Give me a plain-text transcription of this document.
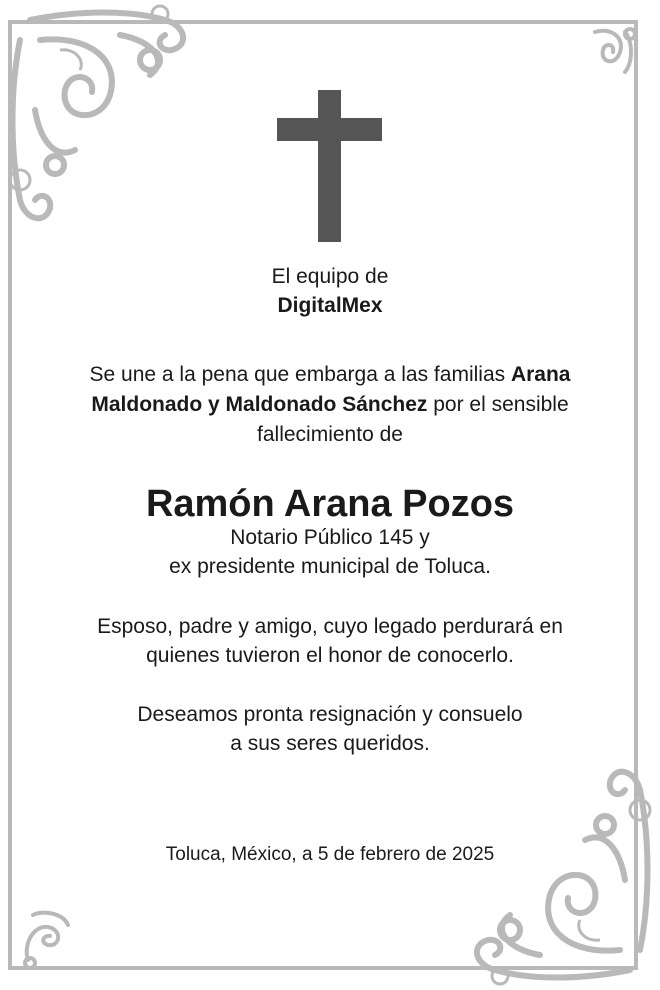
El equipo de
DigitalMex
Se une a la pena que embarga a las familias Arana
Maldonado y Maldonado Sánchez por el sensible
fallecimiento de
Ramón Arana Pozos
Notario Público 145 y
ex presidente municipal de Toluca.
Esposo, padre y amigo, cuyo legado perdurará en
quienes tuvieron el honor de conocerlo.
Deseamos pronta resignación y consuelo
a sus seres queridos.
Toluca, México, a 5 de febrero de 2025
